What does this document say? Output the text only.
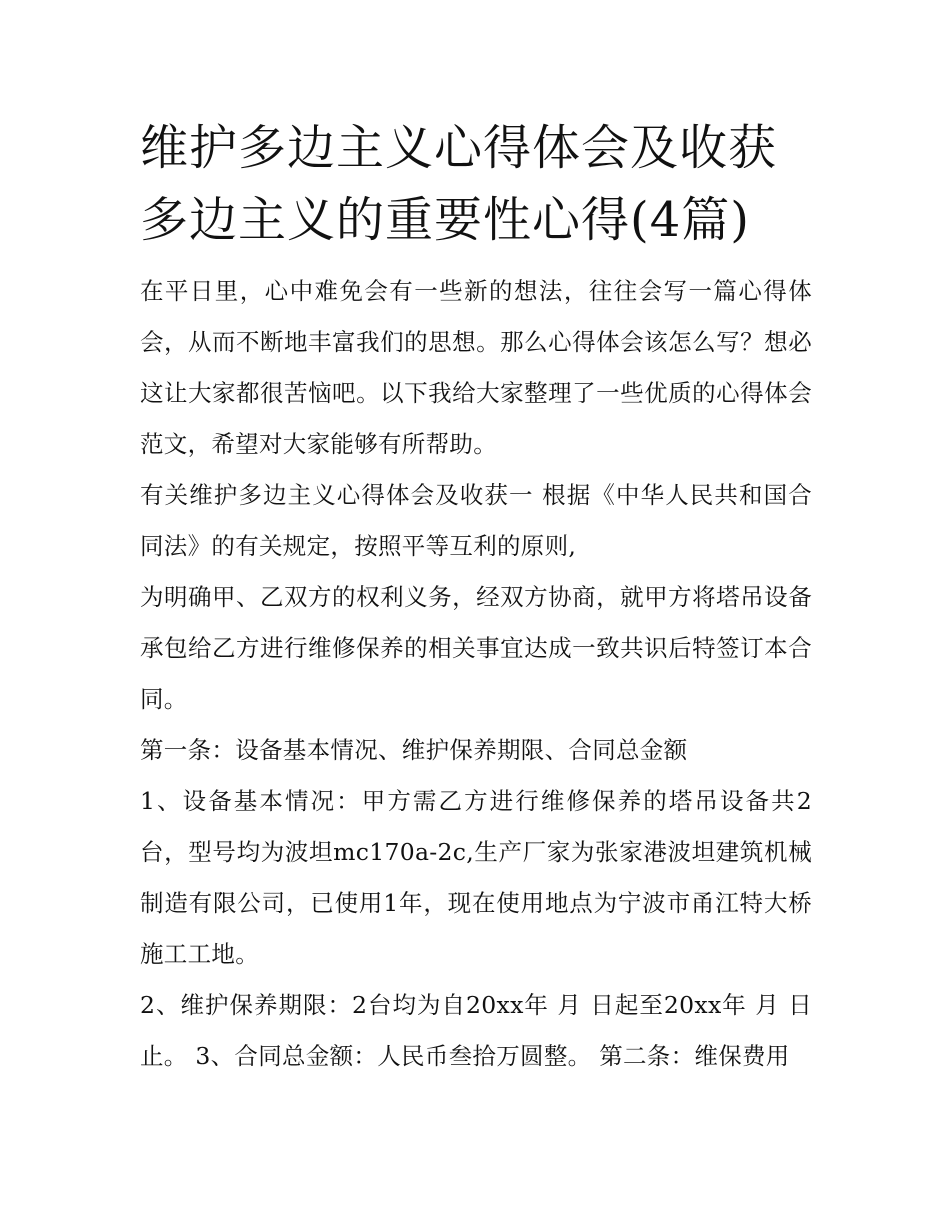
维护多边主义心得体会及收获
多边主义的重要性心得(4篇)

在平日里，心中难免会有一些新的想法，往往会写一篇心得体会，从而不断地丰富我们的思想。那么心得体会该怎么写？想必这让大家都很苦恼吧。以下我给大家整理了一些优质的心得体会范文，希望对大家能够有所帮助。

有关维护多边主义心得体会及收获一 根据《中华人民共和国合同法》的有关规定，按照平等互利的原则,

为明确甲、乙双方的权利义务，经双方协商，就甲方将塔吊设备承包给乙方进行维修保养的相关事宜达成一致共识后特签订本合同。

第一条：设备基本情况、维护保养期限、合同总金额

1、设备基本情况：甲方需乙方进行维修保养的塔吊设备共2台，型号均为波坦mc170a-2c,生产厂家为张家港波坦建筑机械制造有限公司，已使用1年，现在使用地点为宁波市甬江特大桥施工工地。

2、维护保养期限：2台均为自20xx年 月 日起至20xx年 月 日止。 3、合同总金额：人民币叁拾万圆整。 第二条：维保费用
